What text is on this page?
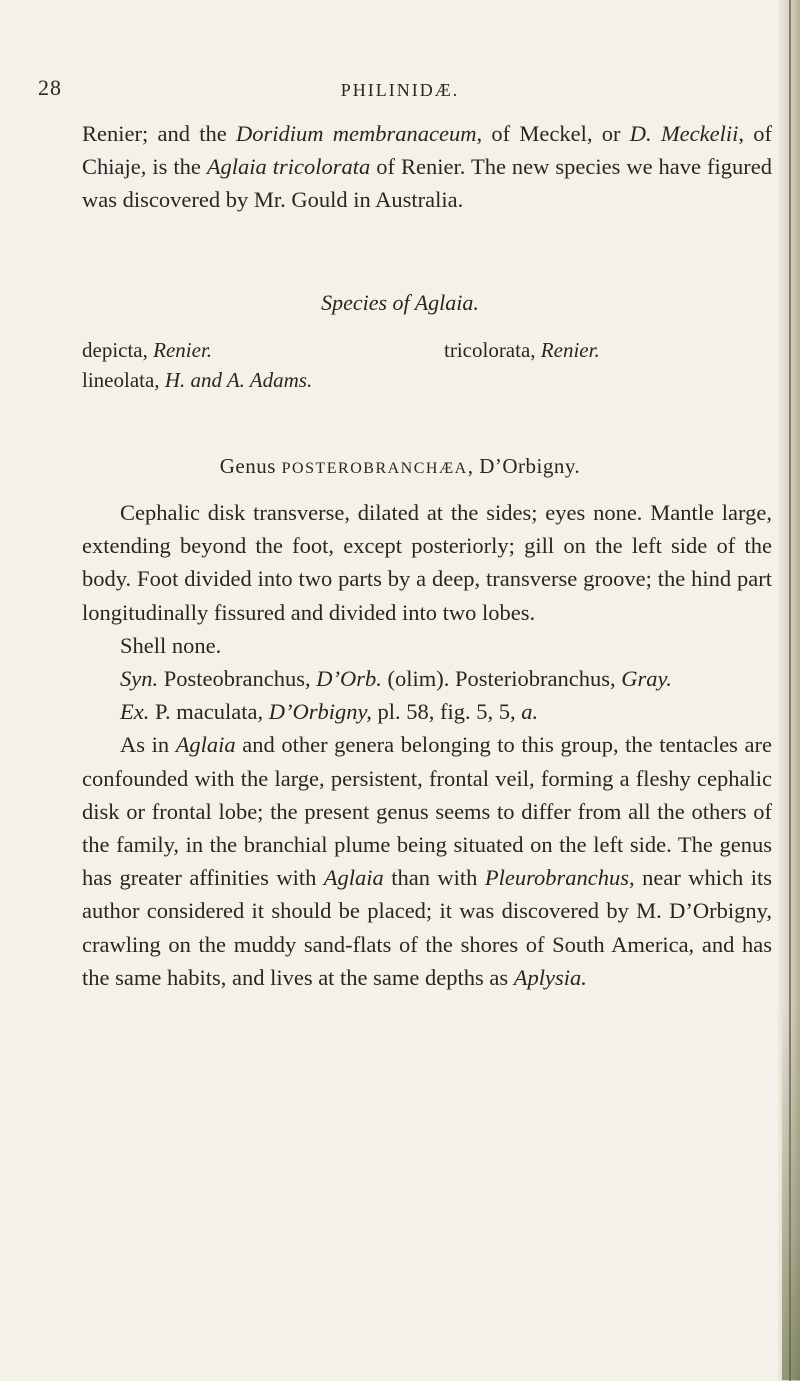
28	PHILINIDÆ.
Renier; and the Doridium membranaceum, of Meckel, or D. Meckelii, of Chiaje, is the Aglaia tricolorata of Renier. The new species we have figured was discovered by Mr. Gould in Australia.
Species of Aglaia.
depicta, Renier.	tricolorata, Renier.
lineolata, H. and A. Adams.
Genus POSTEROBRANCHÆA, D’Orbigny.
Cephalic disk transverse, dilated at the sides; eyes none. Mantle large, extending beyond the foot, except posteriorly; gill on the left side of the body. Foot divided into two parts by a deep, transverse groove; the hind part longitudinally fissured and divided into two lobes.
Shell none.
Syn. Posteobranchus, D’Orb. (olim). Posteriobranchus, Gray.
Ex. P. maculata, D’Orbigny, pl. 58, fig. 5, 5, a.
As in Aglaia and other genera belonging to this group, the tentacles are confounded with the large, persistent, frontal veil, forming a fleshy cephalic disk or frontal lobe; the present genus seems to differ from all the others of the family, in the branchial plume being situated on the left side. The genus has greater affinities with Aglaia than with Pleurobranchus, near which its author considered it should be placed; it was discovered by M. D’Orbigny, crawling on the muddy sand-flats of the shores of South America, and has the same habits, and lives at the same depths as Aplysia.
